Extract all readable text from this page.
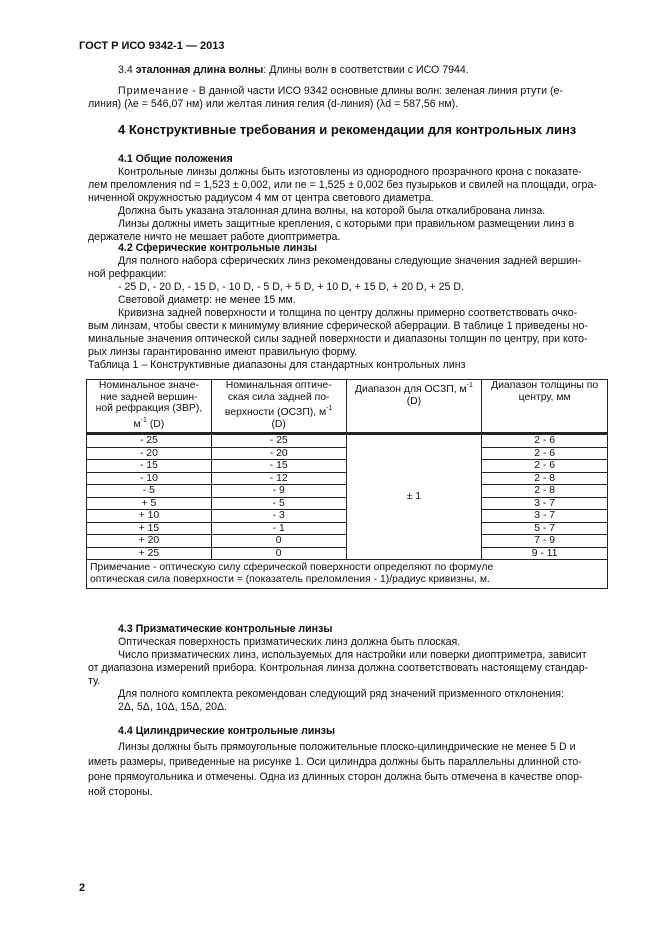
ГОСТ Р ИСО 9342-1 — 2013

3.4 эталонная длина волны: Длины волн в соответствии с ИСО 7944.

Примечание - В данной части ИСО 9342 основные длины волн: зеленая линия ртути (e-

линия) (λe = 546,07 нм) или желтая линия гелия (d-линия) (λd = 587,56 нм).

4 Конструктивные требования и рекомендации для контрольных линз

4.1 Общие положения

Контрольные линзы должны быть изготовлены из однородного прозрачного крона с показате-

лем преломления nd = 1,523 ± 0,002, или ne = 1,525 ± 0,002 без пузырьков и свилей на площади, огра-

ниченной окружностью радиусом 4 мм от центра светового диаметра.

Должна быть указана эталонная длина волны, на которой была откалибрована линза.

Линзы должны иметь защитные крепления, с которыми при правильном размещении линз в

держателе ничто не мешает работе диоптриметра.

4.2 Сферические контрольные линзы

Для полного набора сферических линз рекомендованы следующие значения задней вершин-

ной рефракции:

- 25 D, - 20 D, - 15 D, - 10 D, - 5 D, + 5 D, + 10 D, + 15 D, + 20 D, + 25 D.

Световой диаметр: не менее 15 мм.

Кривизна задней поверхности и толщина по центру должны примерно соответствовать очко-

вым линзам, чтобы свести к минимуму влияние сферической аберрации. В таблице 1 приведены но-

минальные значения оптической силы задней поверхности и диапазоны толщин по центру, при кото-

рых линзы гарантированно имеют правильную форму.

Таблица 1 – Конструктивные диапазоны для стандартных контрольных линз

Номинальное значе-
ние задней вершин-
ной рефракция (ЗВР),
$м^{-1}$ (D)	Номинальная оптиче-
ская сила задней по-
верхности (ОСЗП), $м^{-1}$
(D)	Диапазон для ОСЗП, $м^{-1}$
(D)	Диапазон толщины по
центру, мм
- 25	- 25	± 1	2 - 6
- 20	- 20		2 - 6
- 15	- 15		2 - 6
- 10	- 12		2 - 8
- 5	- 9		2 - 8
+ 5	- 5		3 - 7
+ 10	- 3		3 - 7
+ 15	- 1		5 - 7
+ 20	0		7 - 9
+ 25	0		9 - 11
Примечание - оптическую силу сферической поверхности определяют по формуле
оптическая сила поверхности = (показатель преломления - 1)/радиус кривизны, м.			

4.3 Призматические контрольные линзы

Оптическая поверхность призматических линз должна быть плоская.

Число призматических линз, используемых для настройки или поверки диоптриметра, зависит

от диапазона измерений прибора. Контрольная линза должна соответствовать настоящему стандар-

ту.

Для полного комплекта рекомендован следующий ряд значений призменного отклонения:

2Δ, 5Δ, 10Δ, 15Δ, 20Δ.

4.4 Цилиндрические контрольные линзы

Линзы должны быть прямоугольные положительные плоско-цилиндрические не менее 5 D и

иметь размеры, приведенные на рисунке 1. Оси цилиндра должны быть параллельны длинной сто-

роне прямоугольника и отмечены. Одна из длинных сторон должна быть отмечена в качестве опор-

ной стороны.

2
